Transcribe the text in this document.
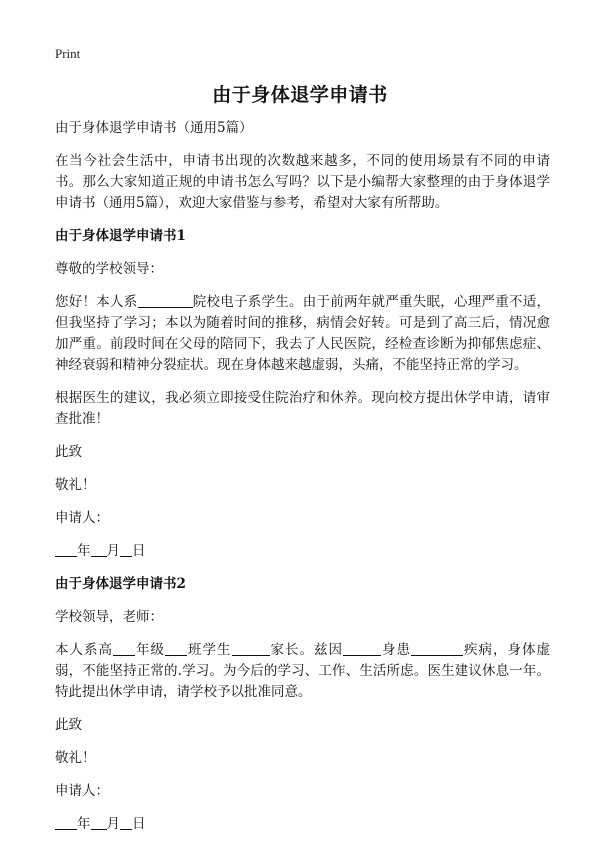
Print
由于身体退学申请书

由于身体退学申请书（通用5篇）

在当今社会生活中，申请书出现的次数越来越多，不同的使用场景有不同的申请书。那么大家知道正规的申请书怎么写吗？以下是小编帮大家整理的由于身体退学申请书（通用5篇），欢迎大家借鉴与参考，希望对大家有所帮助。

由于身体退学申请书1

尊敬的学校领导：

您好！本人系	院校电子系学生。由于前两年就严重失眠，心理严重不适，但我坚持了学习；本以为随着时间的推移，病情会好转。可是到了高三后，情况愈加严重。前段时间在父母的陪同下，我去了人民医院，经检查诊断为抑郁焦虑症、神经衰弱和精神分裂症状。现在身体越来越虚弱，头痛，不能坚持正常的学习。

根据医生的建议，我必须立即接受住院治疗和休养。现向校方提出休学申请，请审查批准！

此致

敬礼！

申请人：

年 月 日

由于身体退学申请书2

学校领导，老师：

本人系高 年级 班学生	家长。兹因	身患	疾病，身体虚弱，不能坚持正常的.学习。为今后的学习、工作、生活所虑。医生建议休息一年。特此提出休学申请，请学校予以批准同意。

此致

敬礼！

申请人：

年 月 日
